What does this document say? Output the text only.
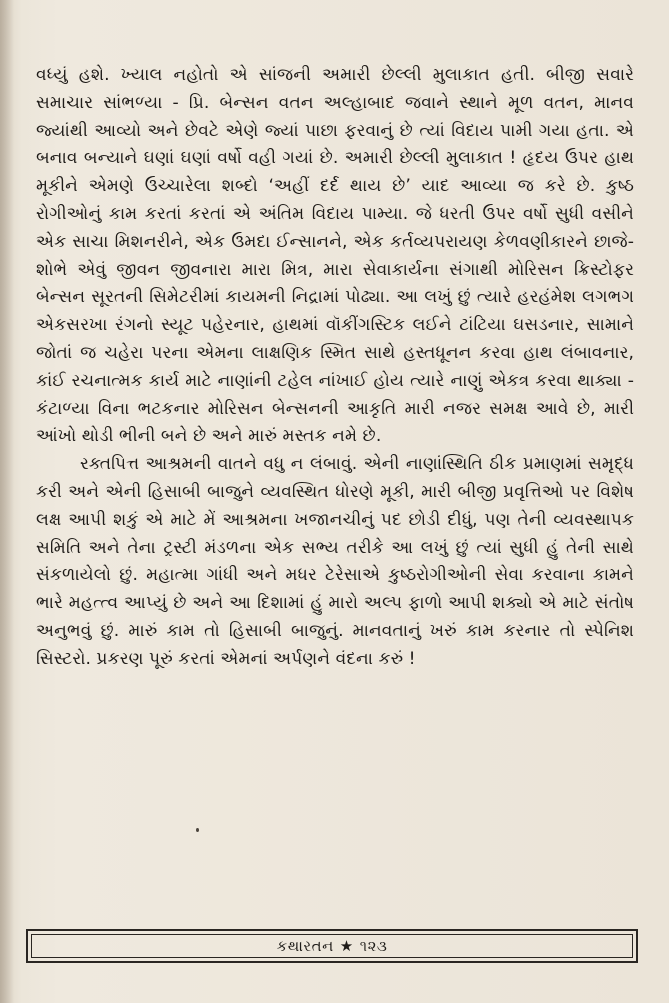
વધ્યું હશે. ખ્યાલ નહોતો એ સાંજની અમારી છેલ્લી મુલાકાત હતી. બીજી સવારે સમાચાર સાંભળ્યા - પ્રિ. બેન્સન વતન અલ્હાબાદ જવાને સ્થાને મૂળ વતન, માનવ જ્યાંથી આવ્યો અને છેવટે એણે જ્યાં પાછા ફરવાનું છે ત્યાં વિદાય પામી ગયા હતા. એ બનાવ બન્યાને ઘણાં ઘણાં વર્ષો વહી ગયાં છે. અમારી છેલ્લી મુલાકાત ! હૃદય ઉપર હાથ મૂકીને એમણે ઉચ્ચારેલા શબ્દો ‘અહીં દર્દ થાય છે’ યાદ આવ્યા જ કરે છે. કુષ્ઠ રોગીઓનું કામ કરતાં કરતાં એ અંતિમ વિદાય પામ્યા. જે ધરતી ઉપર વર્ષો સુધી વસીને એક સાચા મિશનરીને, એક ઉમદા ઈન્સાનને, એક કર્તવ્યપરાયણ કેળવણીકારને છાજે- શોભે એવું જીવન જીવનારા મારા મિત્ર, મારા સેવાકાર્યના સંગાથી મોરિસન ક્રિસ્ટોફર બેન્સન સૂરતની સિમેટરીમાં કાયમની નિદ્રામાં પોઢ્યા. આ લખું છું ત્યારે હરહંમેશ લગભગ એકસરખા રંગનો સ્યૂટ પહેરનાર, હાથમાં વૉકીંગસ્ટિક લઈને ટાંટિયા ઘસડનાર, સામાને જોતાં જ ચહેરા પરના એમના લાક્ષણિક સ્મિત સાથે હસ્તધૂનન કરવા હાથ લંબાવનાર, કાંઈ રચનાત્મક કાર્ય માટે નાણાંની ટહેલ નાંખાઈ હોય ત્યારે નાણું એકત્ર કરવા થાક્યા - કંટાળ્યા વિના ભટકનાર મોરિસન બેન્સનની આકૃતિ મારી નજર સમક્ષ આવે છે, મારી આંખો થોડી ભીની બને છે અને મારું મસ્તક નમે છે.

રક્તપિત્ત આશ્રમની વાતને વધુ ન લંબાવું. એની નાણાંસ્થિતિ ઠીક પ્રમાણમાં સમૃદ્ધ કરી અને એની હિસાબી બાજુને વ્યવસ્થિત ધોરણે મૂકી, મારી બીજી પ્રવૃત્તિઓ પર વિશેષ લક્ષ આપી શકું એ માટે મેં આશ્રમના ખજાનચીનું પદ છોડી દીધું, પણ તેની વ્યવસ્થાપક સમિતિ અને તેના ટ્રસ્ટી મંડળના એક સભ્ય તરીકે આ લખું છું ત્યાં સુધી હું તેની સાથે સંકળાયેલો છું. મહાત્મા ગાંધી અને મધર ટેરેસાએ કુષ્ઠરોગીઓની સેવા કરવાના કામને ભારે મહત્ત્વ આપ્યું છે અને આ દિશામાં હું મારો અલ્પ ફાળો આપી શક્યો એ માટે સંતોષ અનુભવું છું. મારું કામ તો હિસાબી બાજુનું. માનવતાનું ખરું કામ કરનાર તો સ્પેનિશ સિસ્ટરો. પ્રકરણ પૂરું કરતાં એમનાં અર્પણને વંદના કરું !

કથારતન ★ ૧૨૩
